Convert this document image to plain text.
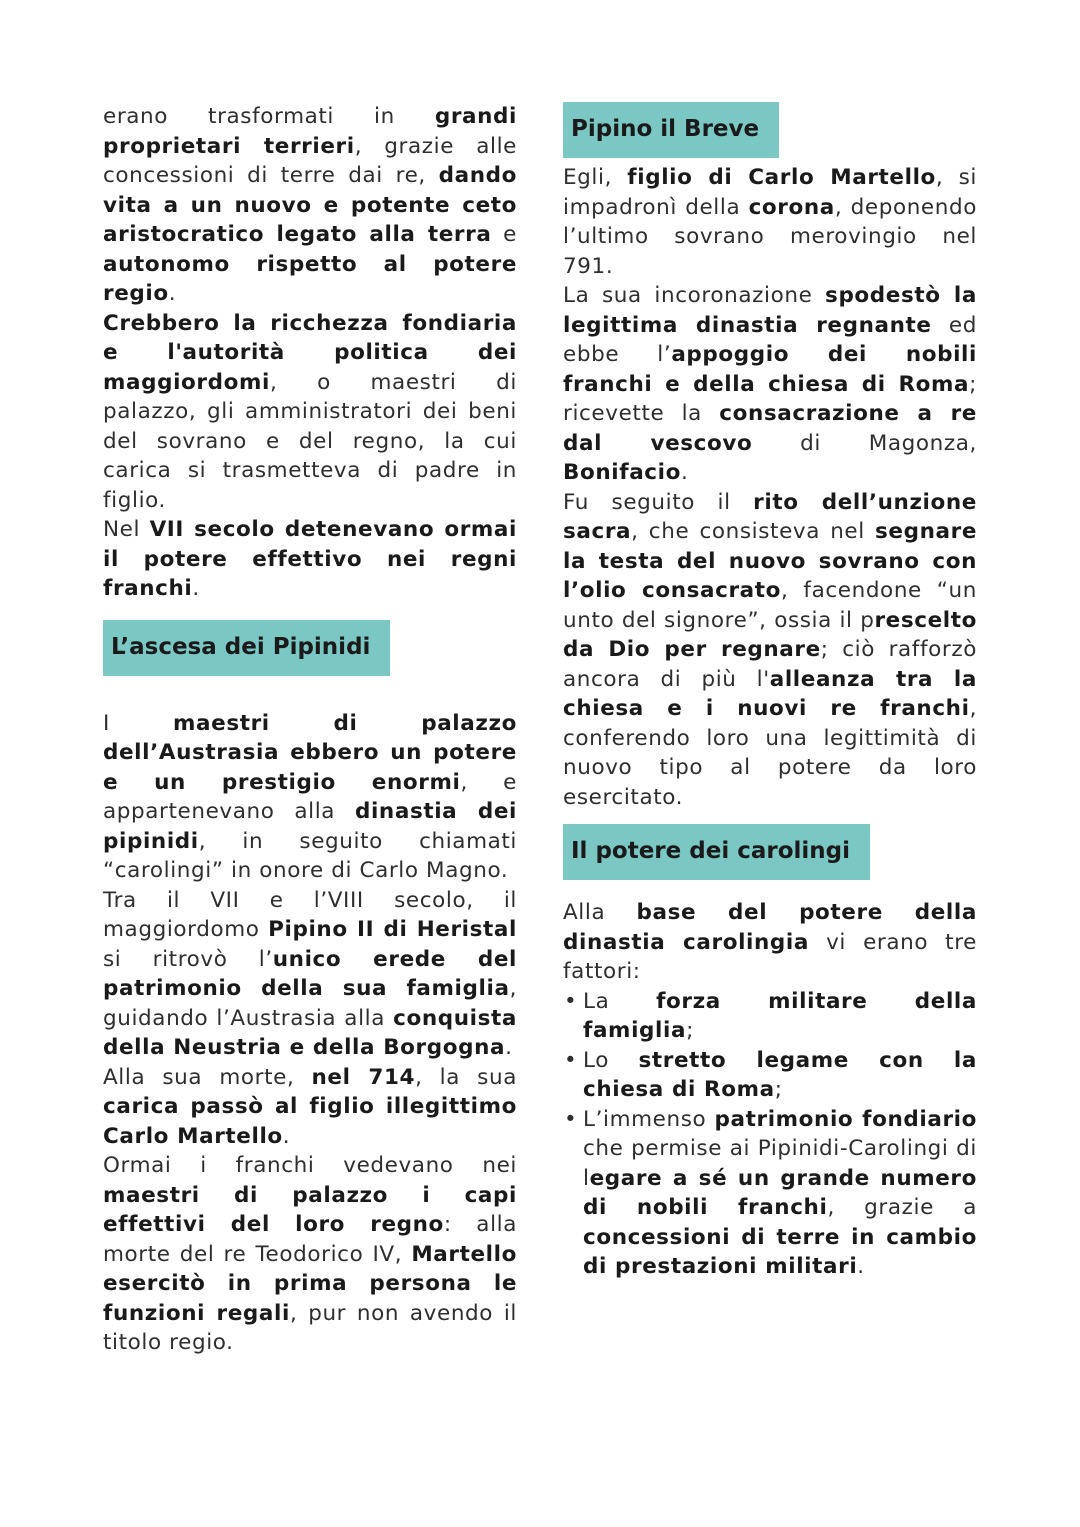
erano trasformati in grandi proprietari terrieri, grazie alle concessioni di terre dai re, dando vita a un nuovo e potente ceto aristocratico legato alla terra e autonomo rispetto al potere regio.

Crebbero la ricchezza fondiaria e l'autorità politica dei maggiordomi, o maestri di palazzo, gli amministratori dei beni del sovrano e del regno, la cui carica si trasmetteva di padre in figlio.

Nel VII secolo detenevano ormai il potere effettivo nei regni franchi.

L’ascesa dei Pipinidi

I maestri di palazzo dell’Austrasia ebbero un potere e un prestigio enormi, e appartenevano alla dinastia dei pipinidi, in seguito chiamati “carolingi” in onore di Carlo Magno.

Tra il VII e l’VIII secolo, il maggiordomo Pipino II di Heristal si ritrovò l’unico erede del patrimonio della sua famiglia, guidando l’Austrasia alla conquista della Neustria e della Borgogna.

Alla sua morte, nel 714, la sua carica passò al figlio illegittimo Carlo Martello.

Ormai i franchi vedevano nei maestri di palazzo i capi effettivi del loro regno: alla morte del re Teodorico IV, Martello esercitò in prima persona le funzioni regali, pur non avendo il titolo regio.

Pipino il Breve

Egli, figlio di Carlo Martello, si impadronì della corona, deponendo l’ultimo sovrano merovingio nel 791.

La sua incoronazione spodestò la legittima dinastia regnante ed ebbe l’appoggio dei nobili franchi e della chiesa di Roma; ricevette la consacrazione a re dal vescovo di Magonza, Bonifacio.

Fu seguito il rito dell’unzione sacra, che consisteva nel segnare la testa del nuovo sovrano con l’olio consacrato, facendone “un unto del signore”, ossia il prescelto da Dio per regnare; ciò rafforzò ancora di più l'alleanza tra la chiesa e i nuovi re franchi, conferendo loro una legittimità di nuovo tipo al potere da loro esercitato.

Il potere dei carolingi

Alla base del potere della dinastia carolingia vi erano tre fattori:

• La forza militare della famiglia;
• Lo stretto legame con la chiesa di Roma;
• L’immenso patrimonio fondiario che permise ai Pipinidi-Carolingi di legare a sé un grande numero di nobili franchi, grazie a concessioni di terre in cambio di prestazioni militari.
